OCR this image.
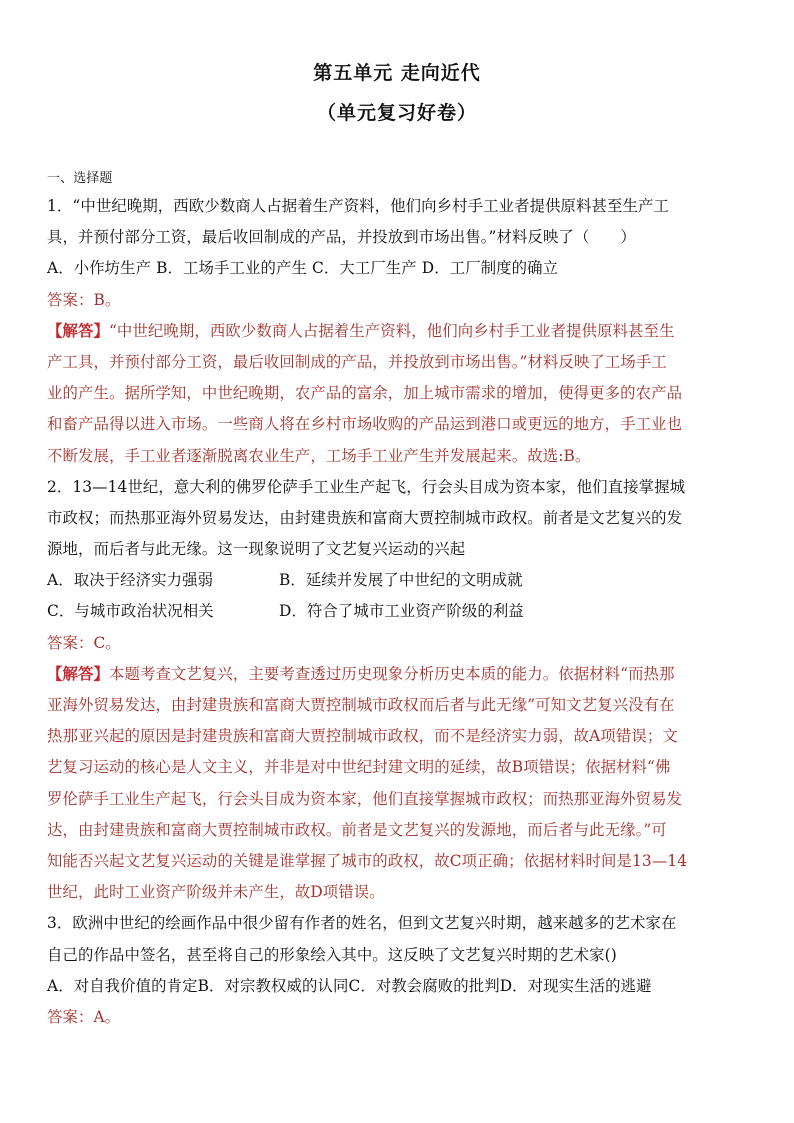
第五单元 走向近代
（单元复习好卷）
一、选择题
1．“中世纪晚期，西欧少数商人占据着生产资料，他们向乡村手工业者提供原料甚至生产工
具，并预付部分工资，最后收回制成的产品，并投放到市场出售。”材料反映了（　　）
A．小作坊生产 B．工场手工业的产生 C．大工厂生产 D．工厂制度的确立
答案：B。
【解答】“中世纪晚期，西欧少数商人占据着生产资料，他们向乡村手工业者提供原料甚至生
产工具，并预付部分工资，最后收回制成的产品，并投放到市场出售。”材料反映了工场手工
业的产生。据所学知，中世纪晚期，农产品的富余，加上城市需求的增加，使得更多的农产品
和畜产品得以进入市场。一些商人将在乡村市场收购的产品运到港口或更远的地方，手工业也
不断发展，手工业者逐渐脱离农业生产，工场手工业产生并发展起来。故选:B。
2．13—14世纪，意大利的佛罗伦萨手工业生产起飞，行会头目成为资本家，他们直接掌握城
市政权；而热那亚海外贸易发达，由封建贵族和富商大贾控制城市政权。前者是文艺复兴的发
源地，而后者与此无缘。这一现象说明了文艺复兴运动的兴起
A．取决于经济实力强弱	B．延续并发展了中世纪的文明成就
C．与城市政治状况相关	D．符合了城市工业资产阶级的利益
答案：C。
【解答】本题考查文艺复兴，主要考查透过历史现象分析历史本质的能力。依据材料“而热那
亚海外贸易发达，由封建贵族和富商大贾控制城市政权而后者与此无缘”可知文艺复兴没有在
热那亚兴起的原因是封建贵族和富商大贾控制城市政权，而不是经济实力弱，故A项错误；文
艺复习运动的核心是人文主义，并非是对中世纪封建文明的延续，故B项错误；依据材料“佛
罗伦萨手工业生产起飞，行会头目成为资本家，他们直接掌握城市政权；而热那亚海外贸易发
达，由封建贵族和富商大贾控制城市政权。前者是文艺复兴的发源地，而后者与此无缘。”可
知能否兴起文艺复兴运动的关键是谁掌握了城市的政权，故C项正确；依据材料时间是13—14
世纪，此时工业资产阶级并未产生，故D项错误。
3．欧洲中世纪的绘画作品中很少留有作者的姓名，但到文艺复兴时期，越来越多的艺术家在
自己的作品中签名，甚至将自己的形象绘入其中。这反映了文艺复兴时期的艺术家()
A．对自我价值的肯定B．对宗教权威的认同C．对教会腐败的批判D．对现实生活的逃避
答案：A。
